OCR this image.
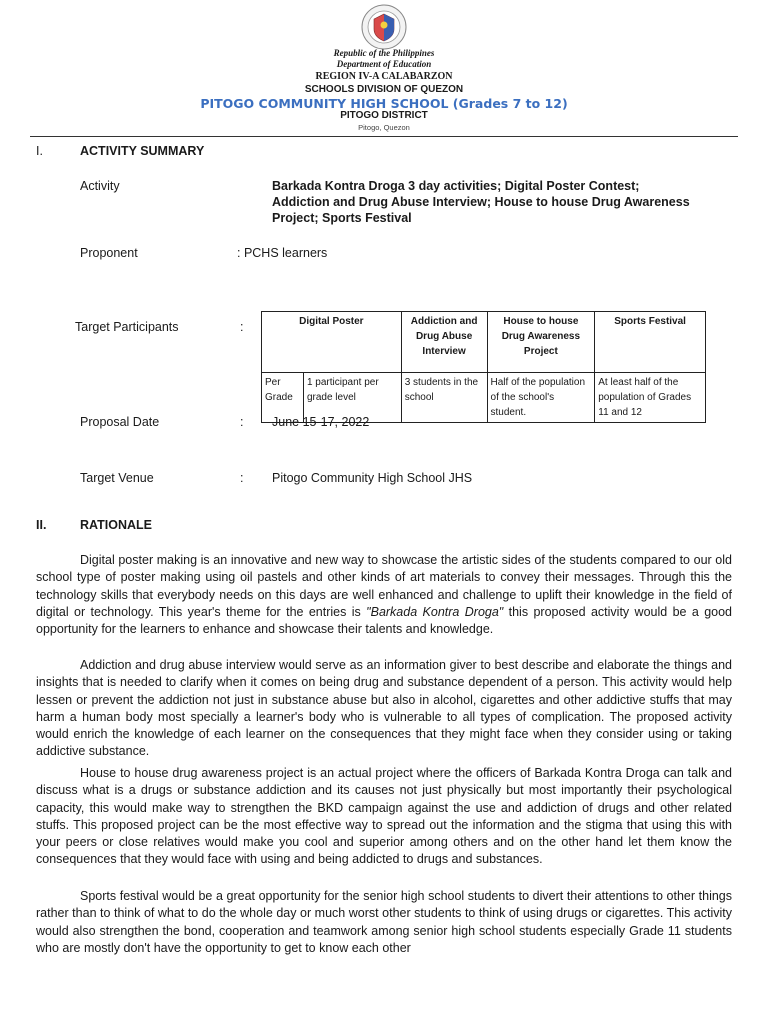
Republic of the Philippines
Department of Education
REGION IV-A CALABARZON
SCHOOLS DIVISION OF QUEZON
PITOGO COMMUNITY HIGH SCHOOL (Grades 7 to 12)
PITOGO DISTRICT
Pitogo, Quezon
I.	ACTIVITY SUMMARY
Activity	Barkada Kontra Droga 3 day activities; Digital Poster Contest; Addiction and Drug Abuse Interview; House to house Drug Awareness Project; Sports Festival
Proponent	: PCHS learners
Target Participants	:	Digital Poster		Addiction and Drug Abuse Interview	House to house Drug Awareness Project	Sports Festival
Per Grade	1 participant per grade level	3 students in the school	Half of the population of the school's student.	At least half of the population of Grades 11 and 12
Proposal Date	: June 15-17, 2022
Target Venue	: Pitogo Community High School JHS
II.	RATIONALE
Digital poster making is an innovative and new way to showcase the artistic sides of the students compared to our old school type of poster making using oil pastels and other kinds of art materials to convey their messages. Through this the technology skills that everybody needs on this days are well enhanced and challenge to uplift their knowledge in the field of digital or technology. This year's theme for the entries is "Barkada Kontra Droga" this proposed activity would be a good opportunity for the learners to enhance and showcase their talents and knowledge.
Addiction and drug abuse interview would serve as an information giver to best describe and elaborate the things and insights that is needed to clarify when it comes on being drug and substance dependent of a person. This activity would help lessen or prevent the addiction not just in substance abuse but also in alcohol, cigarettes and other addictive stuffs that may harm a human body most specially a learner's body who is vulnerable to all types of complication. The proposed activity would enrich the knowledge of each learner on the consequences that they might face when they consider using or taking addictive substance.
House to house drug awareness project is an actual project where the officers of Barkada Kontra Droga can talk and discuss what is a drugs or substance addiction and its causes not just physically but most importantly their psychological capacity, this would make way to strengthen the BKD campaign against the use and addiction of drugs and other related stuffs. This proposed project can be the most effective way to spread out the information and the stigma that using this with your peers or close relatives would make you cool and superior among others and on the other hand let them know the consequences that they would face with using and being addicted to drugs and substances.
Sports festival would be a great opportunity for the senior high school students to divert their attentions to other things rather than to think of what to do the whole day or much worst other students to think of using drugs or cigarettes. This activity would also strengthen the bond, cooperation and teamwork among senior high school students especially Grade 11 students who are mostly don't have the opportunity to get to know each other
